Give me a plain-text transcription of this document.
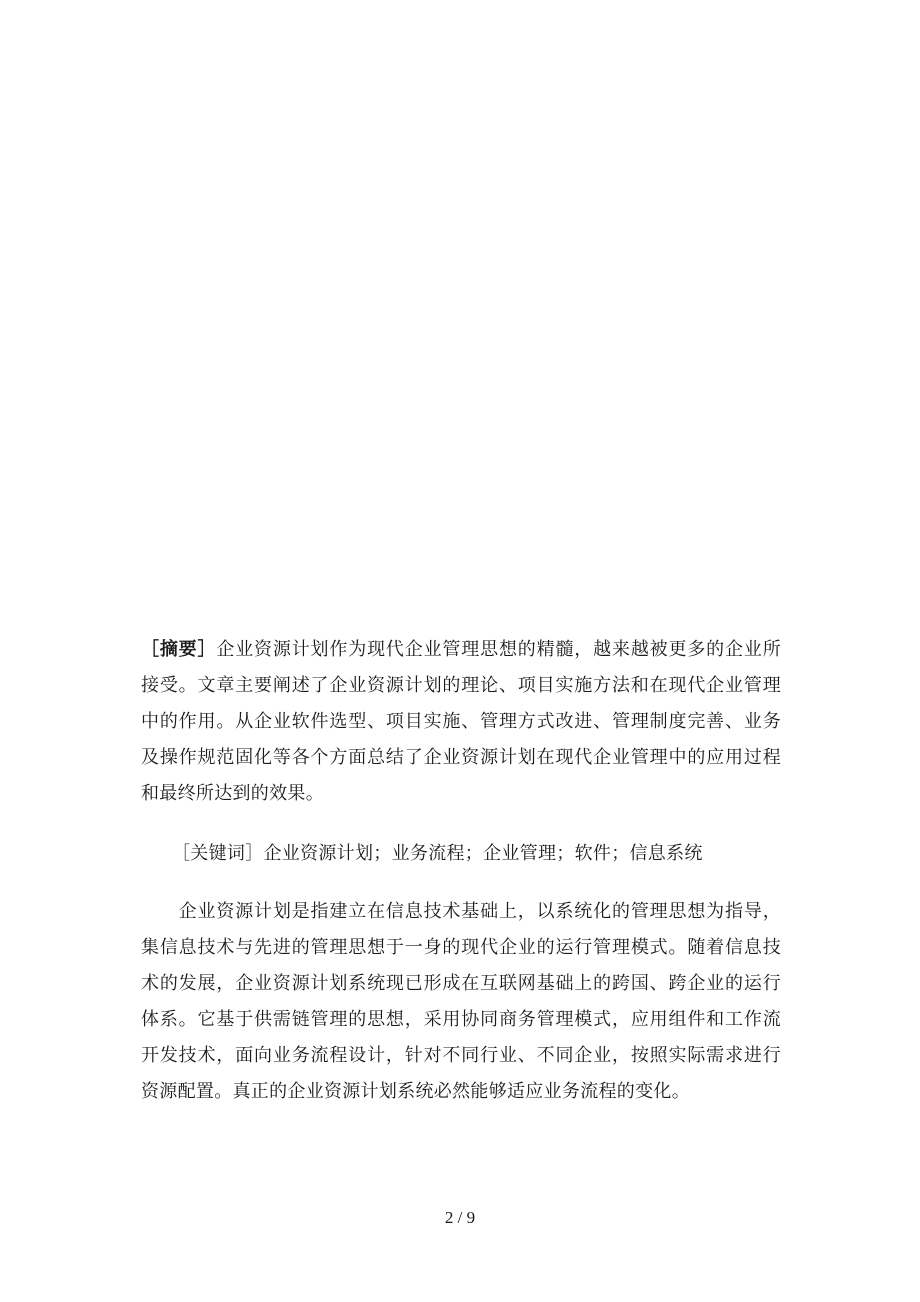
［摘要］企业资源计划作为现代企业管理思想的精髓，越来越被更多的企业所
接受。文章主要阐述了企业资源计划的理论、项目实施方法和在现代企业管理
中的作用。从企业软件选型、项目实施、管理方式改进、管理制度完善、业务
及操作规范固化等各个方面总结了企业资源计划在现代企业管理中的应用过程
和最终所达到的效果。
［关键词］企业资源计划；业务流程；企业管理；软件；信息系统
　　企业资源计划是指建立在信息技术基础上，以系统化的管理思想为指导，
集信息技术与先进的管理思想于一身的现代企业的运行管理模式。随着信息技
术的发展，企业资源计划系统现已形成在互联网基础上的跨国、跨企业的运行
体系。它基于供需链管理的思想，采用协同商务管理模式，应用组件和工作流
开发技术，面向业务流程设计，针对不同行业、不同企业，按照实际需求进行
资源配置。真正的企业资源计划系统必然能够适应业务流程的变化。
2 / 9
